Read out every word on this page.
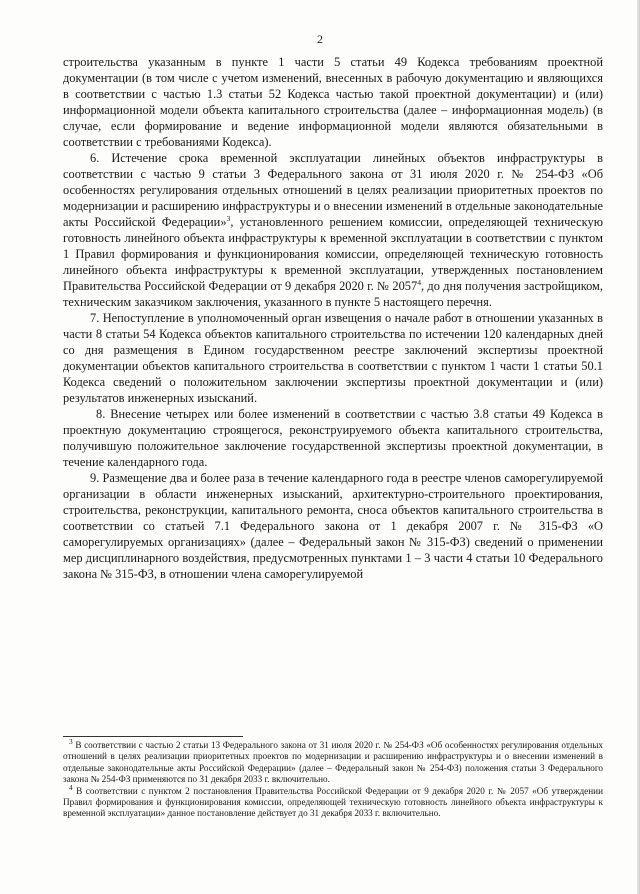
2

строительства указанным в пункте 1 части 5 статьи 49 Кодекса требованиям проектной документации (в том числе с учетом изменений, внесенных в рабочую документацию и являющихся в соответствии с частью 1.3 статьи 52 Кодекса частью такой проектной документации) и (или) информационной модели объекта капитального строительства (далее – информационная модель) (в случае, если формирование и ведение информационной модели являются обязательными в соответствии с требованиями Кодекса).

6. Истечение срока временной эксплуатации линейных объектов инфраструктуры в соответствии с частью 9 статьи 3 Федерального закона от 31 июля 2020 г. № 254-ФЗ «Об особенностях регулирования отдельных отношений в целях реализации приоритетных проектов по модернизации и расширению инфраструктуры и о внесении изменений в отдельные законодательные акты Российской Федерации»$^3$, установленного решением комиссии, определяющей техническую готовность линейного объекта инфраструктуры к временной эксплуатации в соответствии с пунктом 1 Правил формирования и функционирования комиссии, определяющей техническую готовность линейного объекта инфраструктуры к временной эксплуатации, утвержденных постановлением Правительства Российской Федерации от 9 декабря 2020 г. № 2057$^4$, до дня получения застройщиком, техническим заказчиком заключения, указанного в пункте 5 настоящего перечня.

7. Непоступление в уполномоченный орган извещения о начале работ в отношении указанных в части 8 статьи 54 Кодекса объектов капитального строительства по истечении 120 календарных дней со дня размещения в Едином государственном реестре заключений экспертизы проектной документации объектов капитального строительства в соответствии с пунктом 1 части 1 статьи 50.1 Кодекса сведений о положительном заключении экспертизы проектной документации и (или) результатов инженерных изысканий.

8. Внесение четырех или более изменений в соответствии с частью 3.8 статьи 49 Кодекса в проектную документацию строящегося, реконструируемого объекта капитального строительства, получившую положительное заключение государственной экспертизы проектной документации, в течение календарного года.

9. Размещение два и более раза в течение календарного года в реестре членов саморегулируемой организации в области инженерных изысканий, архитектурно-строительного проектирования, строительства, реконструкции, капитального ремонта, сноса объектов капитального строительства в соответствии со статьей 7.1 Федерального закона от 1 декабря 2007 г. № 315-ФЗ «О саморегулируемых организациях» (далее – Федеральный закон № 315-ФЗ) сведений о применении мер дисциплинарного воздействия, предусмотренных пунктами 1 – 3 части 4 статьи 10 Федерального закона № 315-ФЗ, в отношении члена саморегулируемой

$^3$ В соответствии с частью 2 статьи 13 Федерального закона от 31 июля 2020 г. № 254-ФЗ «Об особенностях регулирования отдельных отношений в целях реализации приоритетных проектов по модернизации и расширению инфраструктуры и о внесении изменений в отдельные законодательные акты Российской Федерации» (далее – Федеральный закон № 254-ФЗ) положения статьи 3 Федерального закона № 254-ФЗ применяются по 31 декабря 2033 г. включительно.

$^4$ В соответствии с пунктом 2 постановления Правительства Российской Федерации от 9 декабря 2020 г. № 2057 «Об утверждении Правил формирования и функционирования комиссии, определяющей техническую готовность линейного объекта инфраструктуры к временной эксплуатации» данное постановление действует до 31 декабря 2033 г. включительно.
